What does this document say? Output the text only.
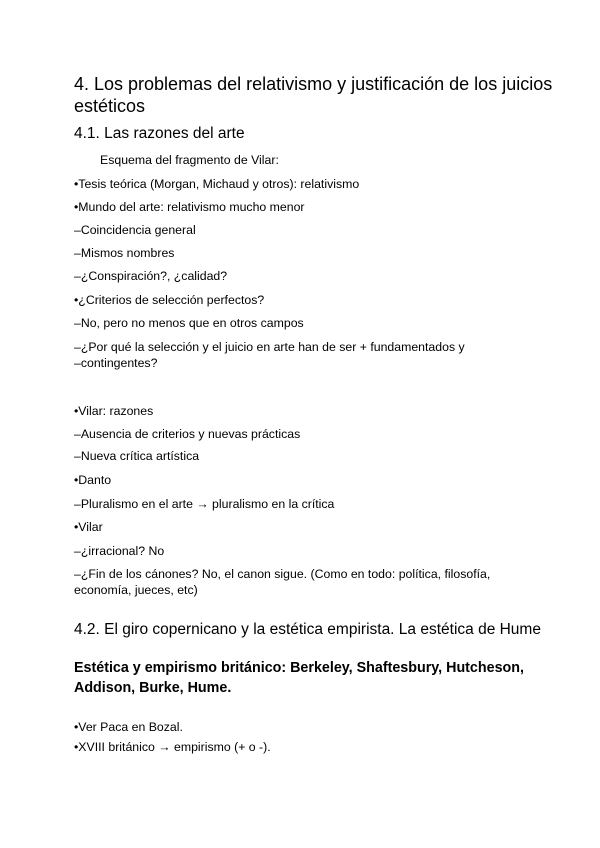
4. Los problemas del relativismo y justificación de los juicios
estéticos
4.1. Las razones del arte
Esquema del fragmento de Vilar:
•Tesis teórica (Morgan, Michaud y otros): relativismo
•Mundo del arte: relativismo mucho menor
–Coincidencia general
–Mismos nombres
–¿Conspiración?, ¿calidad?
•¿Criterios de selección perfectos?
–No, pero no menos que en otros campos
–¿Por qué la selección y el juicio en arte han de ser + fundamentados y
–contingentes?
•Vilar: razones
–Ausencia de criterios y nuevas prácticas
–Nueva crítica artística
•Danto
–Pluralismo en el arte → pluralismo en la crítica
•Vilar
–¿irracional? No
–¿Fin de los cánones? No, el canon sigue. (Como en todo: política, filosofía,
economía, jueces, etc)
4.2. El giro copernicano y la estética empirista. La estética de Hume
Estética y empirismo británico: Berkeley, Shaftesbury, Hutcheson,
Addison, Burke, Hume.
•Ver Paca en Bozal.
•XVIII británico → empirismo (+ o -).
